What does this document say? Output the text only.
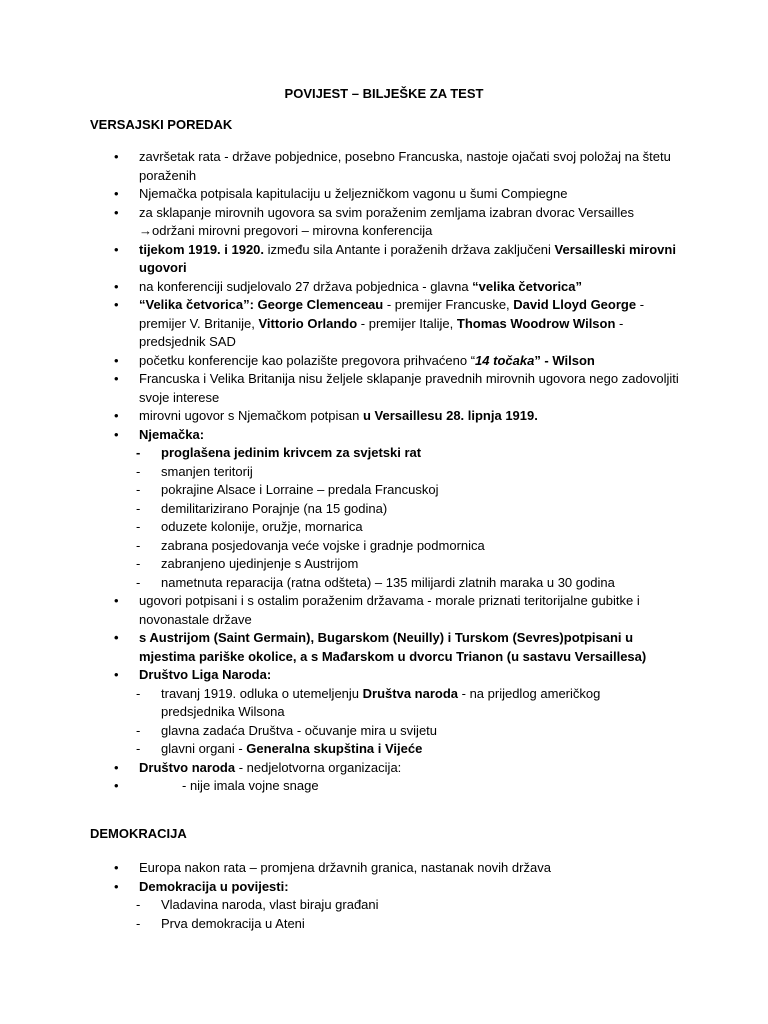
POVIJEST – BILJEŠKE ZA TEST
VERSAJSKI POREDAK
• završetak rata - države pobjednice, posebno Francuska, nastoje ojačati svoj položaj na štetu poraženih
• Njemačka potpisala kapitulaciju u željezničkom vagonu u šumi Compiegne
• za sklapanje mirovnih ugovora sa svim poraženim zemljama izabran dvorac Versailles
→održani mirovni pregovori – mirovna konferencija
• tijekom 1919. i 1920. između sila Antante i poraženih država zaključeni Versailleski mirovni ugovori
• na konferenciji sudjelovalo 27 država pobjednica - glavna “velika četvorica”
• “Velika četvorica”: George Clemenceau - premijer Francuske, David Lloyd George - premijer V. Britanije, Vittorio Orlando - premijer Italije, Thomas Woodrow Wilson - predsjednik SAD
• početku konferencije kao polazište pregovora prihvaćeno “14 točaka” - Wilson
• Francuska i Velika Britanija nisu željele sklapanje pravednih mirovnih ugovora nego zadovoljiti svoje interese
• mirovni ugovor s Njemačkom potpisan u Versaillesu 28. lipnja 1919.
• Njemačka:
- proglašena jedinim krivcem za svjetski rat
- smanjen teritorij
- pokrajine Alsace i Lorraine – predala Francuskoj
- demilitarizirano Porajnje (na 15 godina)
- oduzete kolonije, oružje, mornarica
- zabrana posjedovanja veće vojske i gradnje podmornica
- zabranjeno ujedinjenje s Austrijom
- nametnuta reparacija (ratna odšteta) – 135 milijardi zlatnih maraka u 30 godina
• ugovori potpisani i s ostalim poraženim državama - morale priznati teritorijalne gubitke i novonastale države
• s Austrijom (Saint Germain), Bugarskom (Neuilly) i Turskom (Sevres)potpisani u mjestima pariške okolice, a s Mađarskom u dvorcu Trianon (u sastavu Versaillesa)
• Društvo Liga Naroda:
- travanj 1919. odluka o utemeljenju Društva naroda - na prijedlog američkog predsjednika Wilsona
- glavna zadaća Društva - očuvanje mira u svijetu
- glavni organi - Generalna skupština i Vijeće
• Društvo naroda - nedjelotvorna organizacija:
• - nije imala vojne snage
DEMOKRACIJA
• Europa nakon rata – promjena državnih granica, nastanak novih država
• Demokracija u povijesti:
- Vladavina naroda, vlast biraju građani
- Prva demokracija u Ateni
